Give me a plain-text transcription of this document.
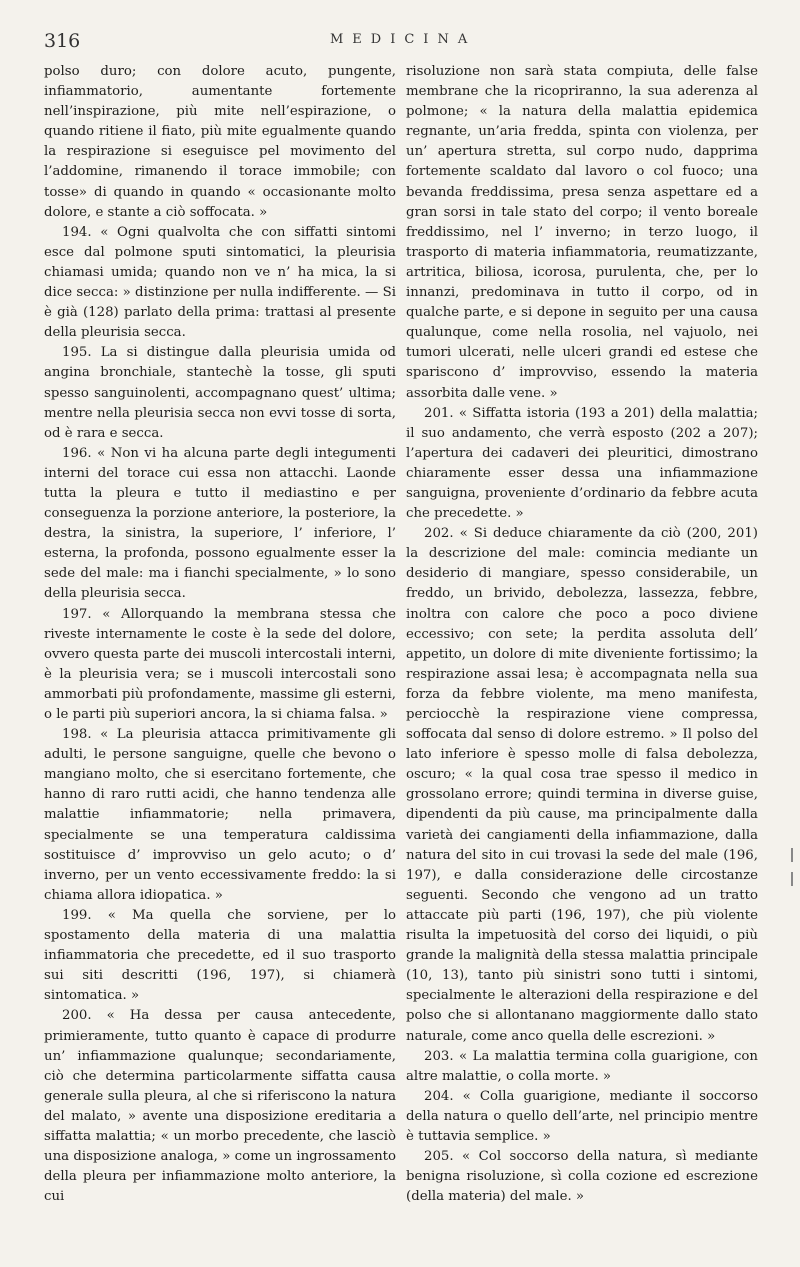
316	MEDICINA

polso duro; con dolore acuto, pungente, infiammatorio, aumentante fortemente nell’inspirazione, più mite nell’espirazione, o quando ritiene il fiato, più mite egualmente quando la respirazione si eseguisce pel movimento del l’addomine, rimanendo il torace immobile; con tosse» di quando in quando « occasionante molto dolore, e stante a ciò soffocata. »

194. « Ogni qualvolta che con siffatti sintomi esce dal polmone sputi sintomatici, la pleurisia chiamasi umida; quando non ve n’ ha mica, la si dice secca: » distinzione per nulla indifferente. — Si è già (128) parlato della prima: trattasi al presente della pleurisia secca.

195. La si distingue dalla pleurisia umida od angina bronchiale, stantechè la tosse, gli sputi spesso sanguinolenti, accompagnano quest’ ultima; mentre nella pleurisia secca non evvi tosse di sorta, od è rara e secca.

196. « Non vi ha alcuna parte degli integumenti interni del torace cui essa non attacchi. Laonde tutta la pleura e tutto il mediastino e per conseguenza la porzione anteriore, la posteriore, la destra, la sinistra, la superiore, l’ inferiore, l’ esterna, la profonda, possono egualmente esser la sede del male: ma i fianchi specialmente, » lo sono della pleurisia secca.

197. « Allorquando la membrana stessa che riveste internamente le coste è la sede del dolore, ovvero questa parte dei muscoli intercostali interni, è la pleurisia vera; se i muscoli intercostali sono ammorbati più profondamente, massime gli esterni, o le parti più superiori ancora, la si chiama falsa. »

198. « La pleurisia attacca primitivamente gli adulti, le persone sanguigne, quelle che bevono o mangiano molto, che si esercitano fortemente, che hanno di raro rutti acidi, che hanno tendenza alle malattie infiammatorie; nella primavera, specialmente se una temperatura caldissima sostituisce d’ improvviso un gelo acuto; o d’ inverno, per un vento eccessivamente freddo: la si chiama allora idiopatica. »

199. « Ma quella che sorviene, per lo spostamento della materia di una malattia infiammatoria che precedette, ed il suo trasporto sui siti descritti (196, 197), si chiamerà sintomatica. »

200. « Ha dessa per causa antecedente, primieramente, tutto quanto è capace di produrre un’ infiammazione qualunque; secondariamente, ciò che determina particolarmente siffatta causa generale sulla pleura, al che si riferiscono la natura del malato, » avente una disposizione ereditaria a siffatta malattia; « un morbo precedente, che lasciò una disposizione analoga, » come un ingrossamento della pleura per infiammazione molto anteriore, la cui

risoluzione non sarà stata compiuta, delle false membrane che la ricopriranno, la sua aderenza al polmone; « la natura della malattia epidemica regnante, un’aria fredda, spinta con violenza, per un’ apertura stretta, sul corpo nudo, dapprima fortemente scaldato dal lavoro o col fuoco; una bevanda freddissima, presa senza aspettare ed a gran sorsi in tale stato del corpo; il vento boreale freddissimo, nel l’ inverno; in terzo luogo, il trasporto di materia infiammatoria, reumatizzante, artritica, biliosa, icorosa, purulenta, che, per lo innanzi, predominava in tutto il corpo, od in qualche parte, e si depone in seguito per una causa qualunque, come nella rosolia, nel vajuolo, nei tumori ulcerati, nelle ulceri grandi ed estese che spariscono d’ improvviso, essendo la materia assorbita dalle vene. »

201. « Siffatta istoria (193 a 201) della malattia; il suo andamento, che verrà esposto (202 a 207); l’apertura dei cadaveri dei pleuritici, dimostrano chiaramente esser dessa una infiammazione sanguigna, proveniente d’ordinario da febbre acuta che precedette. »

202. « Si deduce chiaramente da ciò (200, 201) la descrizione del male: comincia mediante un desiderio di mangiare, spesso considerabile, un freddo, un brivido, debolezza, lassezza, febbre, inoltra con calore che poco a poco diviene eccessivo; con sete; la perdita assoluta dell’ appetito, un dolore di mite diveniente fortissimo; la respirazione assai lesa; è accompagnata nella sua forza da febbre violente, ma meno manifesta, perciocchè la respirazione viene compressa, soffocata dal senso di dolore estremo. » Il polso del lato inferiore è spesso molle di falsa debolezza, oscuro; « la qual cosa trae spesso il medico in grossolano errore; quindi termina in diverse guise, dipendenti da più cause, ma principalmente dalla varietà dei cangiamenti della infiammazione, dalla natura del sito in cui trovasi la sede del male (196, 197), e dalla considerazione delle circostanze seguenti. Secondo che vengono ad un tratto attaccate più parti (196, 197), che più violente risulta la impetuosità del corso dei liquidi, o più grande la malignità della stessa malattia principale (10, 13), tanto più sinistri sono tutti i sintomi, specialmente le alterazioni della respirazione e del polso che si allontanano maggiormente dallo stato naturale, come anco quella delle escrezioni. »

203. « La malattia termina colla guarigione, con altre malattie, o colla morte. »

204. « Colla guarigione, mediante il soccorso della natura o quello dell’arte, nel principio mentre è tuttavia semplice. »

205. « Col soccorso della natura, sì mediante benigna risoluzione, sì colla cozione ed escrezione (della materia) del male. »
